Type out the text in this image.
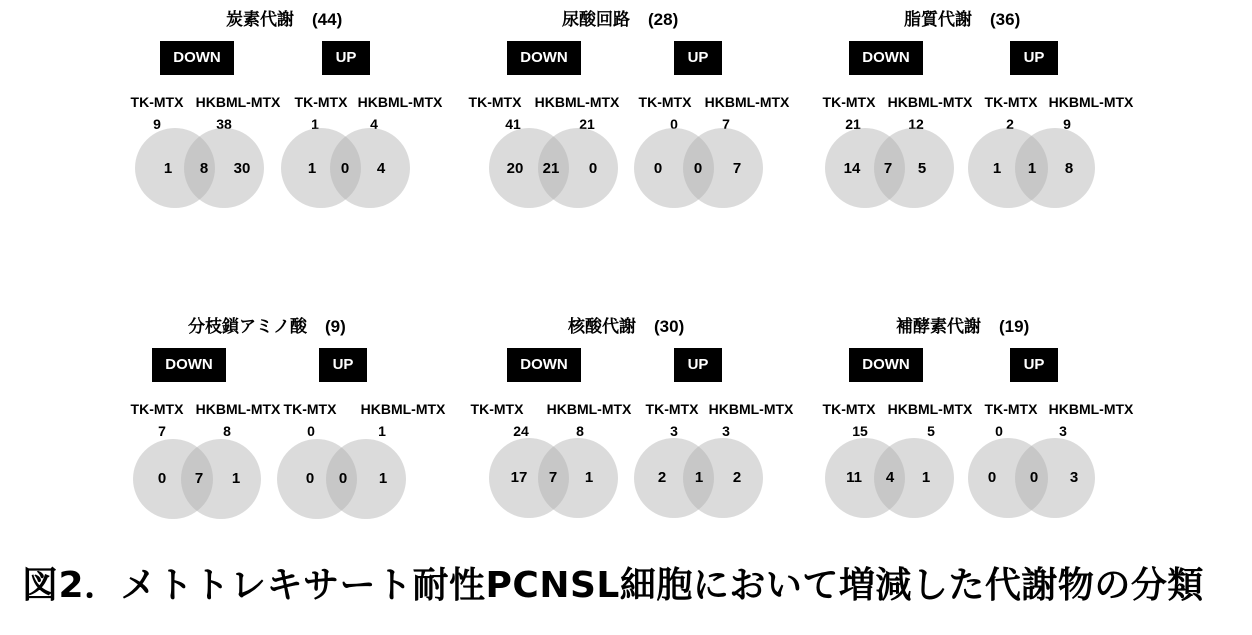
炭素代謝 (44)
DOWN	UP
TK-MTX HKBML-MTX TK-MTX HKBML-MTX
9	38	1	4
1 8 30	1 0 4
尿酸回路 (28)
DOWN	UP
TK-MTX HKBML-MTX TK-MTX HKBML-MTX
41	21	0	7
20 21 0	0 0 7
脂質代謝 (36)
DOWN	UP
TK-MTX HKBML-MTX TK-MTX HKBML-MTX
21	12	2	9
14 7 5	1 1 8
分枝鎖アミノ酸 (9)
DOWN	UP
TK-MTX HKBML-MTX TK-MTX HKBML-MTX
7	8	0	1
0 7 1	0 0 1
核酸代謝 (30)
DOWN	UP
TK-MTX HKBML-MTX TK-MTX HKBML-MTX
24	8	3	3
17 7 1	2 1 2
補酵素代謝 (19)
DOWN	UP
TK-MTX HKBML-MTX TK-MTX HKBML-MTX
15	5	0	3
11 4 1	0 0 3
図2．メトトレキサート耐性PCNSL細胞において増減した代謝物の分類
